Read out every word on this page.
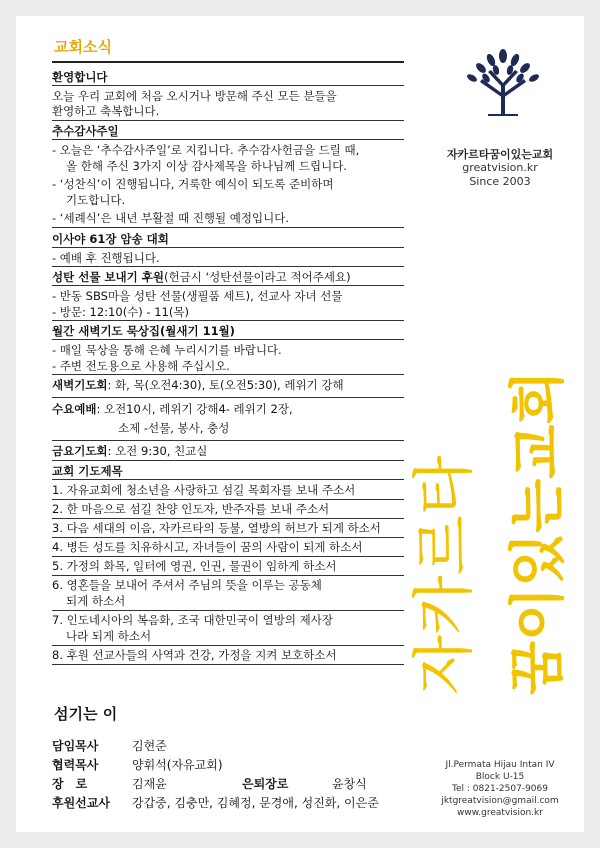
교회소식
환영합니다
오늘 우리 교회에 처음 오시거나 방문해 주신 모든 분들을
환영하고 축복합니다.
추수감사주일
- 오늘은 ‘추수감사주일’로 지킵니다. 추수감사헌금을 드릴 때,
올 한해 주신 3가지 이상 감사제목을 하나님께 드립니다.
- ‘성찬식’이 진행됩니다, 거룩한 예식이 되도록 준비하며
기도합니다.
- ‘세례식’은 내년 부활절 때 진행될 예정입니다.
이사야 61장 암송 대회
- 예배 후 진행됩니다.
성탄 선물 보내기 후원(헌금시 ‘성탄선물이라고 적어주세요)
- 반동 SBS마을 성탄 선물(생필품 세트), 선교사 자녀 선물
- 방문: 12:10(수) - 11(목)
월간 새벽기도 묵상집(월새기 11월)
- 매일 묵상을 통해 은혜 누리시기를 바랍니다.
- 주변 전도용으로 사용해 주십시오.
새벽기도회: 화, 목(오전4:30), 토(오전5:30), 레위기 강해
수요예배: 오전10시, 레위기 강해4- 레위기 2장,
소제 -선물, 봉사, 충성
금요기도회: 오전 9:30, 친교실
교회 기도제목
1. 자유교회에 청소년을 사랑하고 섬길 목회자를 보내 주소서
2. 한 마음으로 섬길 찬양 인도자, 반주자를 보내 주소서
3. 다음 세대의 이음, 자카르타의 등불, 열방의 허브가 되게 하소서
4. 병든 성도를 치유하시고, 자녀들이 꿈의 사람이 되게 하소서
5. 가정의 화목, 일터에 영권, 인권, 물권이 임하게 하소서
6. 영혼들을 보내어 주셔서 주님의 뜻을 이루는 공동체
되게 하소서
7. 인도네시아의 복음화, 조국 대한민국이 열방의 제사장
나라 되게 하소서
8. 후원 선교사들의 사역과 건강, 가정을 지켜 보호하소서
자카르타꿈이있는교회
greatvision.kr
Since 2003
자카르타 꿈이있는교회
Jl.Permata Hijau Intan IV
Block U-15
Tel : 0821-2507-9069
jktgreatvision@gmail.com
www.greatvision.kr
섬기는 이
담임목사	김현준
협력목사	양휘석(자유교회)
장　로	김재윤	은퇴장로	윤창식
후원선교사 강갑중, 김충만, 김혜정, 문경애, 성진화, 이은준
